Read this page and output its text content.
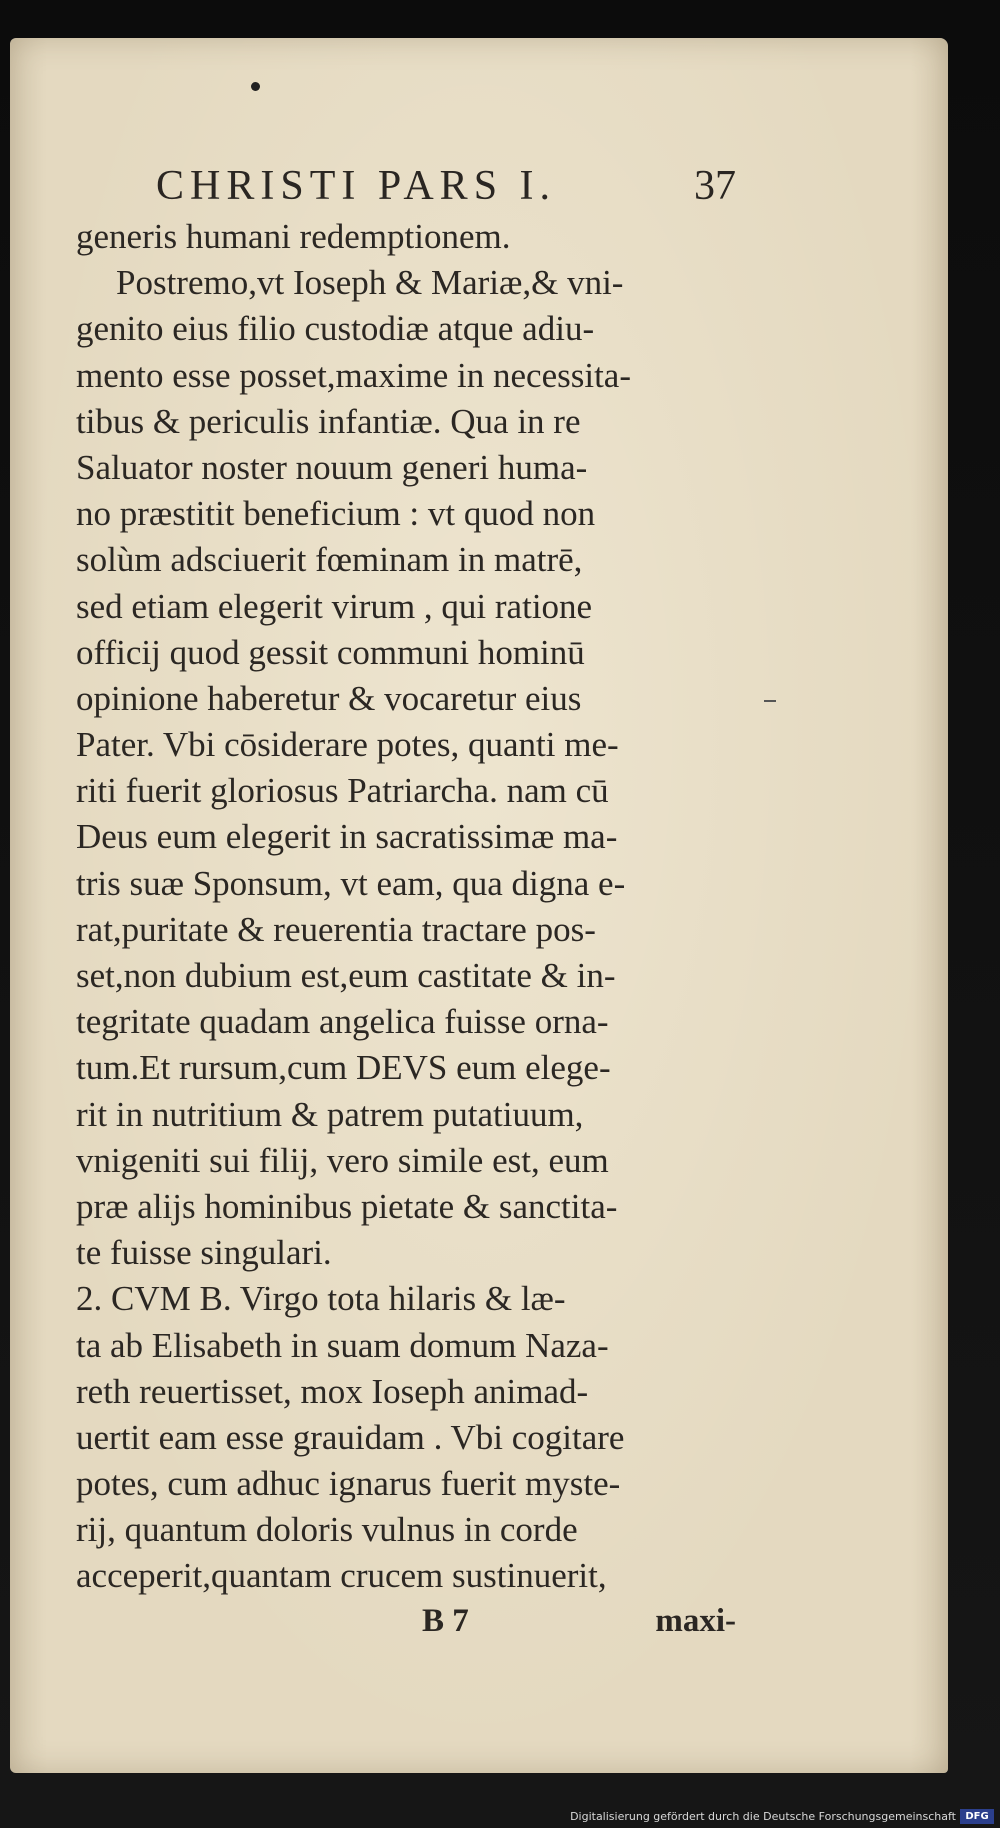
CHRISTI PARS I.	37
generis humani redemptionem.
Postremo,vt Ioseph & Mariæ,& vni-
genito eius filio custodiæ atque adiu-
mento esse posset,maxime in necessita-
tibus & periculis infantiæ. Qua in re
Saluator noster nouum generi huma-
no præstitit beneficium : vt quod non
solùm adsciuerit fœminam in matrē,
sed etiam elegerit virum , qui ratione
officij quod gessit communi hominū
opinione haberetur & vocaretur eius
Pater. Vbi cōsiderare potes, quanti me-
riti fuerit gloriosus Patriarcha. nam cū
Deus eum elegerit in sacratissimæ ma-
tris suæ Sponsum, vt eam, qua digna e-
rat,puritate & reuerentia tractare pos-
set,non dubium est,eum castitate & in-
tegritate quadam angelica fuisse orna-
tum.Et rursum,cum DEVS eum elege-
rit in nutritium & patrem putatiuum,
vnigeniti sui filij, vero simile est, eum
præ alijs hominibus pietate & sanctita-
te fuisse singulari.
2. CVM B. Virgo tota hilaris & læ-
ta ab Elisabeth in suam domum Naza-
reth reuertisset, mox Ioseph animad-
uertit eam esse grauidam . Vbi cogitare
potes, cum adhuc ignarus fuerit myste-
rij, quantum doloris vulnus in corde
acceperit,quantam crucem sustinuerit,
B 7	maxi-
Digitalisierung gefördert durch die Deutsche Forschungsgemeinschaft DFG
